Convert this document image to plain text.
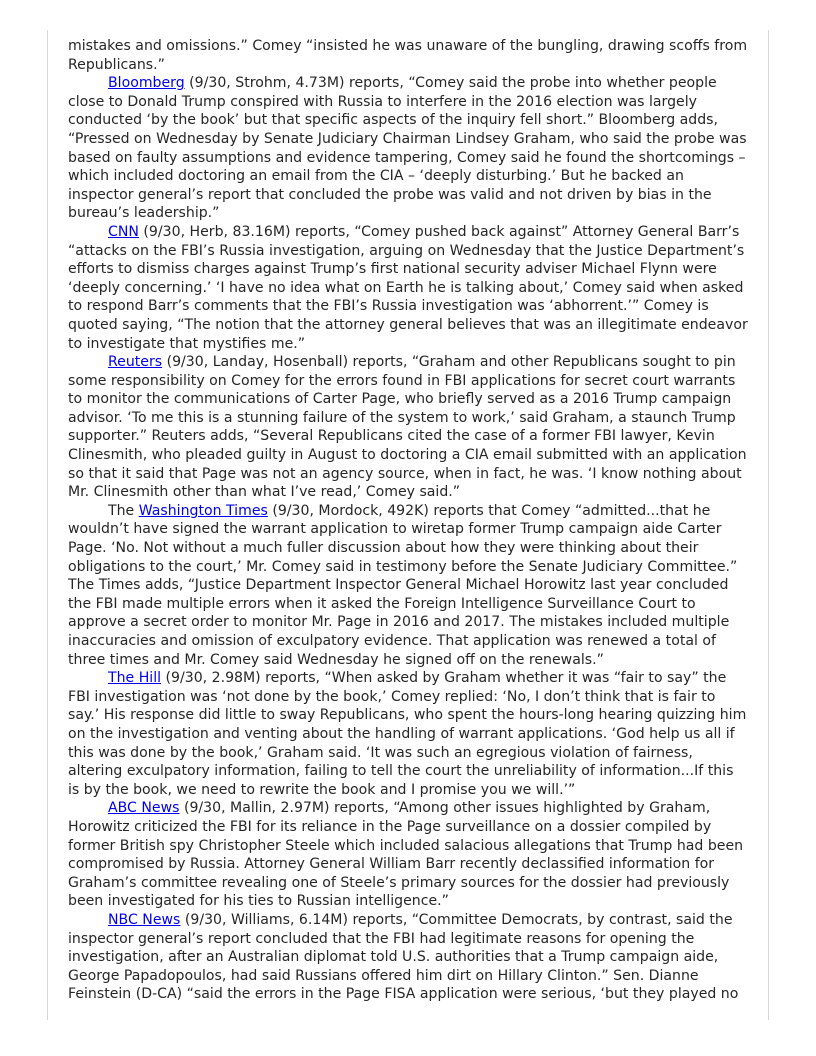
mistakes and omissions.” Comey “insisted he was unaware of the bungling, drawing scoffs from Republicans.”

Bloomberg (9/30, Strohm, 4.73M) reports, “Comey said the probe into whether people close to Donald Trump conspired with Russia to interfere in the 2016 election was largely conducted ‘by the book’ but that specific aspects of the inquiry fell short.” Bloomberg adds, “Pressed on Wednesday by Senate Judiciary Chairman Lindsey Graham, who said the probe was based on faulty assumptions and evidence tampering, Comey said he found the shortcomings – which included doctoring an email from the CIA – ‘deeply disturbing.’ But he backed an inspector general’s report that concluded the probe was valid and not driven by bias in the bureau’s leadership.”

CNN (9/30, Herb, 83.16M) reports, “Comey pushed back against” Attorney General Barr’s “attacks on the FBI’s Russia investigation, arguing on Wednesday that the Justice Department’s efforts to dismiss charges against Trump’s first national security adviser Michael Flynn were ‘deeply concerning.’ ‘I have no idea what on Earth he is talking about,’ Comey said when asked to respond Barr’s comments that the FBI’s Russia investigation was ‘abhorrent.’” Comey is quoted saying, “The notion that the attorney general believes that was an illegitimate endeavor to investigate that mystifies me.”

Reuters (9/30, Landay, Hosenball) reports, “Graham and other Republicans sought to pin some responsibility on Comey for the errors found in FBI applications for secret court warrants to monitor the communications of Carter Page, who briefly served as a 2016 Trump campaign advisor. ‘To me this is a stunning failure of the system to work,’ said Graham, a staunch Trump supporter.” Reuters adds, “Several Republicans cited the case of a former FBI lawyer, Kevin Clinesmith, who pleaded guilty in August to doctoring a CIA email submitted with an application so that it said that Page was not an agency source, when in fact, he was. ‘I know nothing about Mr. Clinesmith other than what I’ve read,’ Comey said.”

The Washington Times (9/30, Mordock, 492K) reports that Comey “admitted...that he wouldn’t have signed the warrant application to wiretap former Trump campaign aide Carter Page. ‘No. Not without a much fuller discussion about how they were thinking about their obligations to the court,’ Mr. Comey said in testimony before the Senate Judiciary Committee.” The Times adds, “Justice Department Inspector General Michael Horowitz last year concluded the FBI made multiple errors when it asked the Foreign Intelligence Surveillance Court to approve a secret order to monitor Mr. Page in 2016 and 2017. The mistakes included multiple inaccuracies and omission of exculpatory evidence. That application was renewed a total of three times and Mr. Comey said Wednesday he signed off on the renewals.”

The Hill (9/30, 2.98M) reports, “When asked by Graham whether it was “fair to say” the FBI investigation was ‘not done by the book,’ Comey replied: ‘No, I don’t think that is fair to say.’ His response did little to sway Republicans, who spent the hours-long hearing quizzing him on the investigation and venting about the handling of warrant applications. ‘God help us all if this was done by the book,’ Graham said. ‘It was such an egregious violation of fairness, altering exculpatory information, failing to tell the court the unreliability of information...If this is by the book, we need to rewrite the book and I promise you we will.’”

ABC News (9/30, Mallin, 2.97M) reports, “Among other issues highlighted by Graham, Horowitz criticized the FBI for its reliance in the Page surveillance on a dossier compiled by former British spy Christopher Steele which included salacious allegations that Trump had been compromised by Russia. Attorney General William Barr recently declassified information for Graham’s committee revealing one of Steele’s primary sources for the dossier had previously been investigated for his ties to Russian intelligence.”

NBC News (9/30, Williams, 6.14M) reports, “Committee Democrats, by contrast, said the inspector general’s report concluded that the FBI had legitimate reasons for opening the investigation, after an Australian diplomat told U.S. authorities that a Trump campaign aide, George Papadopoulos, had said Russians offered him dirt on Hillary Clinton.” Sen. Dianne Feinstein (D-CA) “said the errors in the Page FISA application were serious, ‘but they played no
